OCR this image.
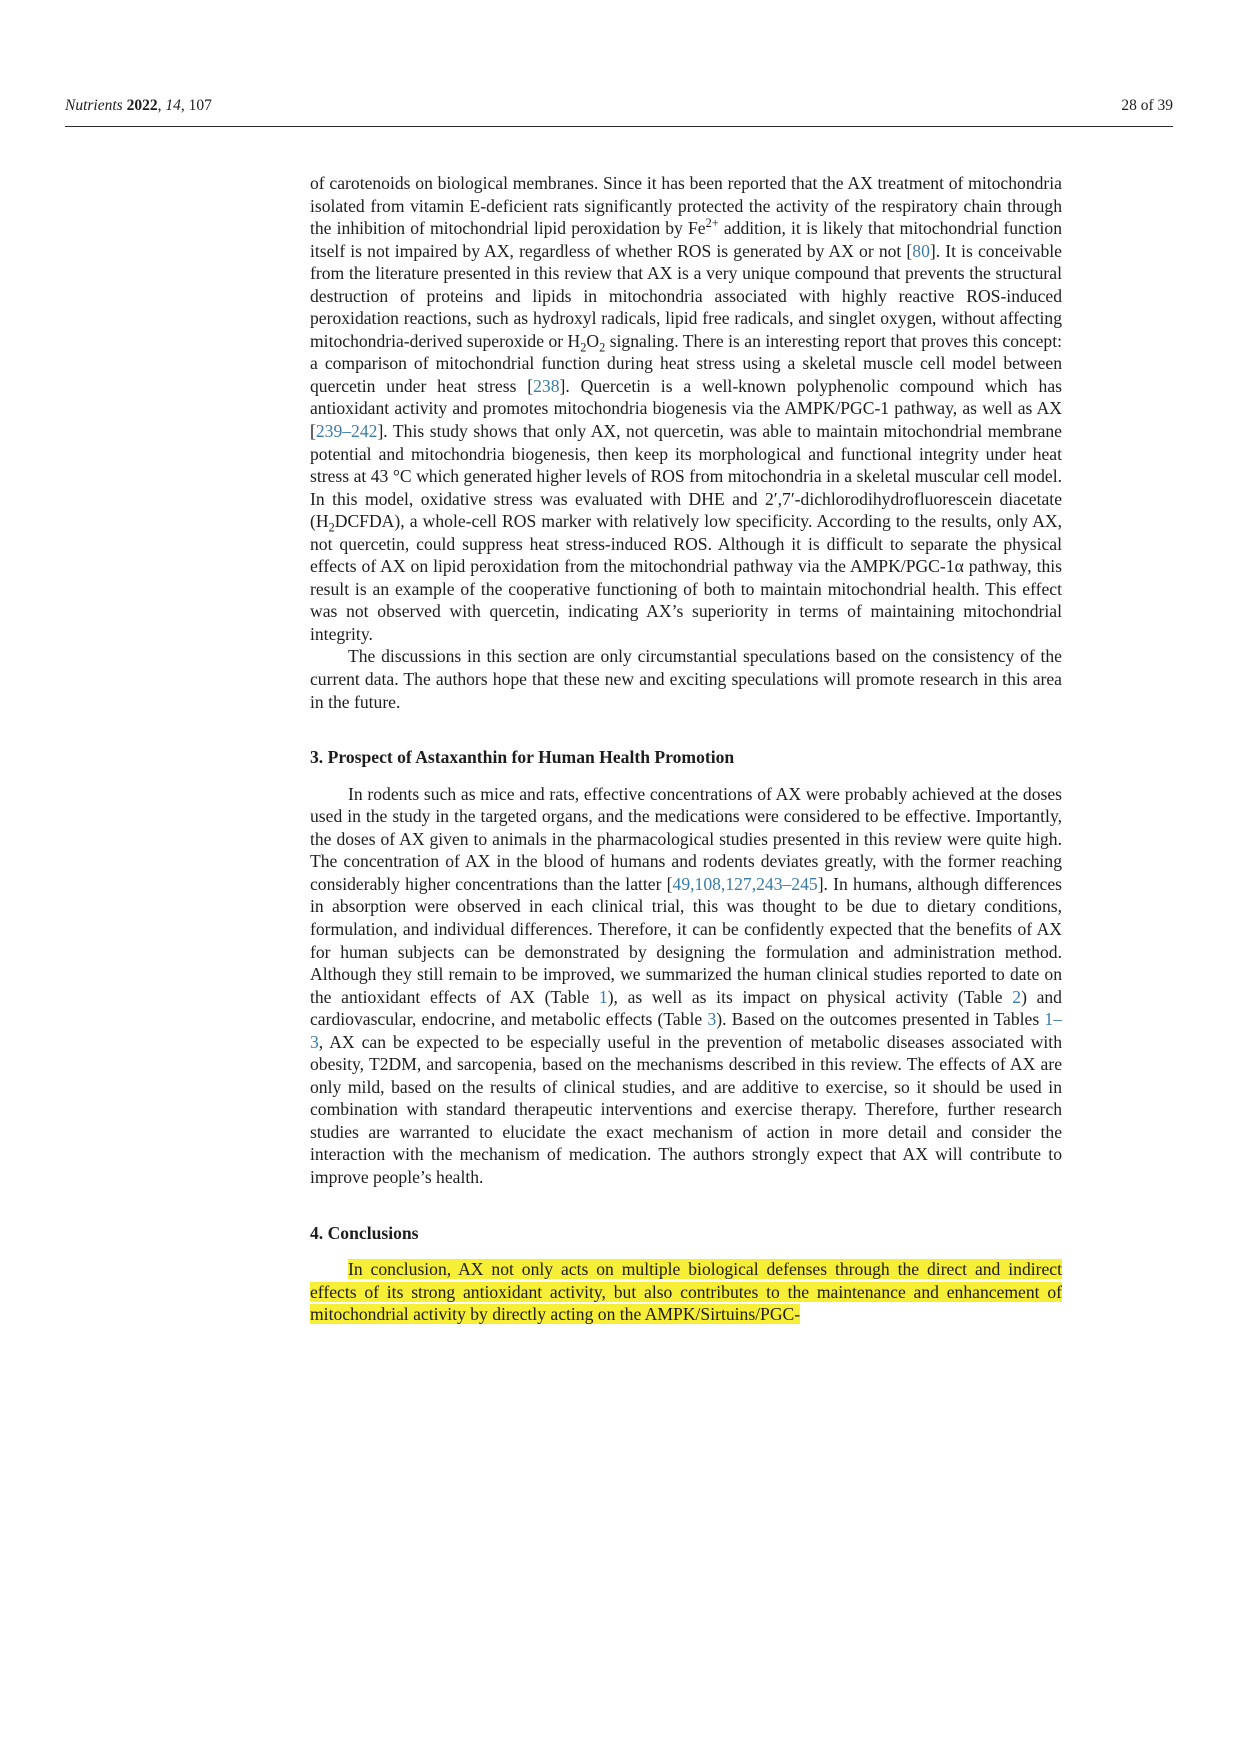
Nutrients 2022, 14, 107	28 of 39

of carotenoids on biological membranes. Since it has been reported that the AX treatment of mitochondria isolated from vitamin E-deficient rats significantly protected the activity of the respiratory chain through the inhibition of mitochondrial lipid peroxidation by $Fe^{2+}$ addition, it is likely that mitochondrial function itself is not impaired by AX, regardless of whether ROS is generated by AX or not [80]. It is conceivable from the literature presented in this review that AX is a very unique compound that prevents the structural destruction of proteins and lipids in mitochondria associated with highly reactive ROS-induced peroxidation reactions, such as hydroxyl radicals, lipid free radicals, and singlet oxygen, without affecting mitochondria-derived superoxide or $H_2O_2$ signaling. There is an interesting report that proves this concept: a comparison of mitochondrial function during heat stress using a skeletal muscle cell model between quercetin under heat stress [238]. Quercetin is a well-known polyphenolic compound which has antioxidant activity and promotes mitochondria biogenesis via the AMPK/PGC-1 pathway, as well as AX [239–242]. This study shows that only AX, not quercetin, was able to maintain mitochondrial membrane potential and mitochondria biogenesis, then keep its morphological and functional integrity under heat stress at 43 °C which generated higher levels of ROS from mitochondria in a skeletal muscular cell model. In this model, oxidative stress was evaluated with DHE and 2′,7′-dichlorodihydrofluorescein diacetate $(H_2DCFDA)$, a whole-cell ROS marker with relatively low specificity. According to the results, only AX, not quercetin, could suppress heat stress-induced ROS. Although it is difficult to separate the physical effects of AX on lipid peroxidation from the mitochondrial pathway via the AMPK/PGC-1α pathway, this result is an example of the cooperative functioning of both to maintain mitochondrial health. This effect was not observed with quercetin, indicating AX’s superiority in terms of maintaining mitochondrial integrity.

The discussions in this section are only circumstantial speculations based on the consistency of the current data. The authors hope that these new and exciting speculations will promote research in this area in the future.

3. Prospect of Astaxanthin for Human Health Promotion

In rodents such as mice and rats, effective concentrations of AX were probably achieved at the doses used in the study in the targeted organs, and the medications were considered to be effective. Importantly, the doses of AX given to animals in the pharmacological studies presented in this review were quite high. The concentration of AX in the blood of humans and rodents deviates greatly, with the former reaching considerably higher concentrations than the latter [49,108,127,243–245]. In humans, although differences in absorption were observed in each clinical trial, this was thought to be due to dietary conditions, formulation, and individual differences. Therefore, it can be confidently expected that the benefits of AX for human subjects can be demonstrated by designing the formulation and administration method. Although they still remain to be improved, we summarized the human clinical studies reported to date on the antioxidant effects of AX (Table 1), as well as its impact on physical activity (Table 2) and cardiovascular, endocrine, and metabolic effects (Table 3). Based on the outcomes presented in Tables 1–3, AX can be expected to be especially useful in the prevention of metabolic diseases associated with obesity, T2DM, and sarcopenia, based on the mechanisms described in this review. The effects of AX are only mild, based on the results of clinical studies, and are additive to exercise, so it should be used in combination with standard therapeutic interventions and exercise therapy. Therefore, further research studies are warranted to elucidate the exact mechanism of action in more detail and consider the interaction with the mechanism of medication. The authors strongly expect that AX will contribute to improve people’s health.

4. Conclusions

In conclusion, AX not only acts on multiple biological defenses through the direct and indirect effects of its strong antioxidant activity, but also contributes to the maintenance and enhancement of mitochondrial activity by directly acting on the AMPK/Sirtuins/PGC-
